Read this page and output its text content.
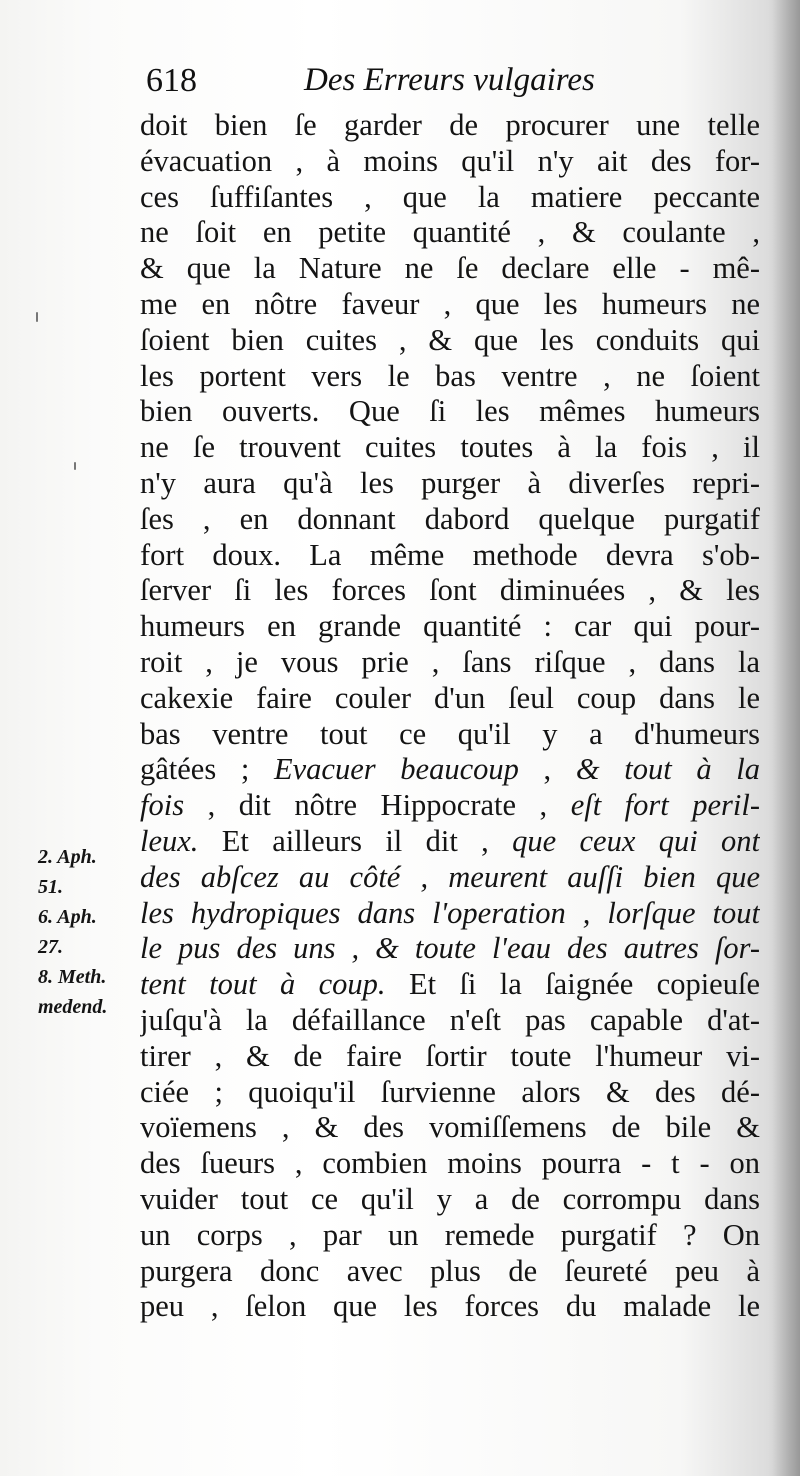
618	Des Erreurs vulgaires
doit bien ſe garder de procurer une telle
évacuation , à moins qu'il n'y ait des for-
ces ſuffiſantes , que la matiere peccante
ne ſoit en petite quantité , & coulante ,
& que la Nature ne ſe declare elle - mê-
me en nôtre faveur , que les humeurs ne
ſoient bien cuites , & que les conduits qui
les portent vers le bas ventre , ne ſoient
bien ouverts. Que ſi les mêmes humeurs
ne ſe trouvent cuites toutes à la fois , il
n'y aura qu'à les purger à diverſes repri-
ſes , en donnant dabord quelque purgatif
fort doux. La même methode devra s'ob-
ſerver ſi les forces ſont diminuées , & les
humeurs en grande quantité : car qui pour-
roit , je vous prie , ſans riſque , dans la
cakexie faire couler d'un ſeul coup dans le
bas ventre tout ce qu'il y a d'humeurs
gâtées ; Evacuer beaucoup , & tout à la
fois , dit nôtre Hippocrate , eſt fort peril-
leux. Et ailleurs il dit , que ceux qui ont
des abſcez au côté , meurent auſſi bien que
les hydropiques dans l'operation , lorſque tout
le pus des uns , & toute l'eau des autres ſor-
tent tout à coup. Et ſi la ſaignée copieuſe
juſqu'à la défaillance n'eſt pas capable d'at-
tirer , & de faire ſortir toute l'humeur vi-
ciée ; quoiqu'il ſurvienne alors & des dé-
voïemens , & des vomiſſemens de bile &
des ſueurs , combien moins pourra - t - on
vuider tout ce qu'il y a de corrompu dans
un corps , par un remede purgatif ? On
purgera donc avec plus de ſeureté peu à
peu , ſelon que les forces du malade le
2. Aph.
51.
6. Aph.
27.
8. Meth.
medend.
